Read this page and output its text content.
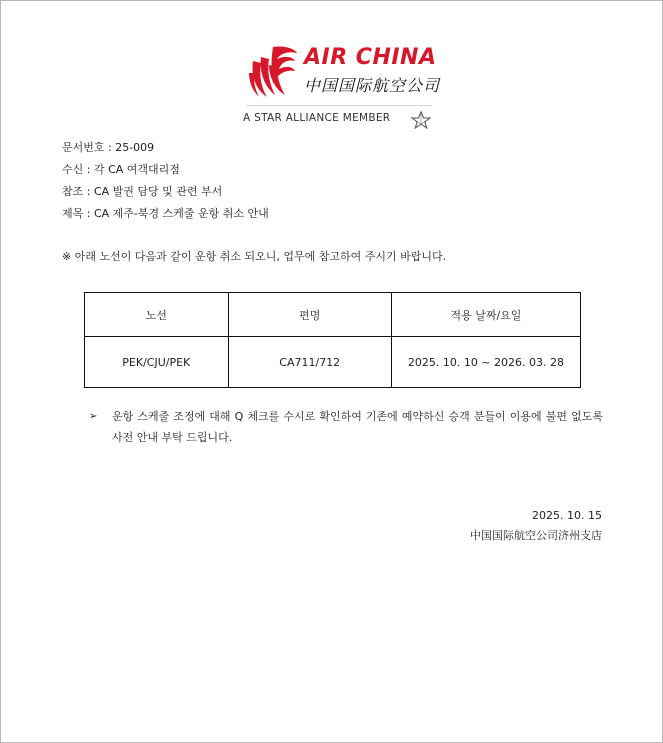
AIR CHINA
中国国际航空公司
A STAR ALLIANCE MEMBER
문서번호 : 25-009
수신 : 각 CA 여객대리점
참조 : CA 발권 담당 및 관련 부서
제목 : CA 제주-북경 스케줄 운항 취소 안내
※ 아래 노선이 다음과 같이 운항 취소 되오니, 업무에 참고하여 주시기 바랍니다.
노선	편명	적용 날짜/요일
PEK/CJU/PEK	CA711/712	2025. 10. 10 ~ 2026. 03. 28
➢ 운항 스케줄 조정에 대해 Q 체크를 수시로 확인하여 기존에 예약하신 승객 분들이 이용에 불편 없도록 사전 안내 부탁 드립니다.
2025. 10. 15
中国国际航空公司济州支店
